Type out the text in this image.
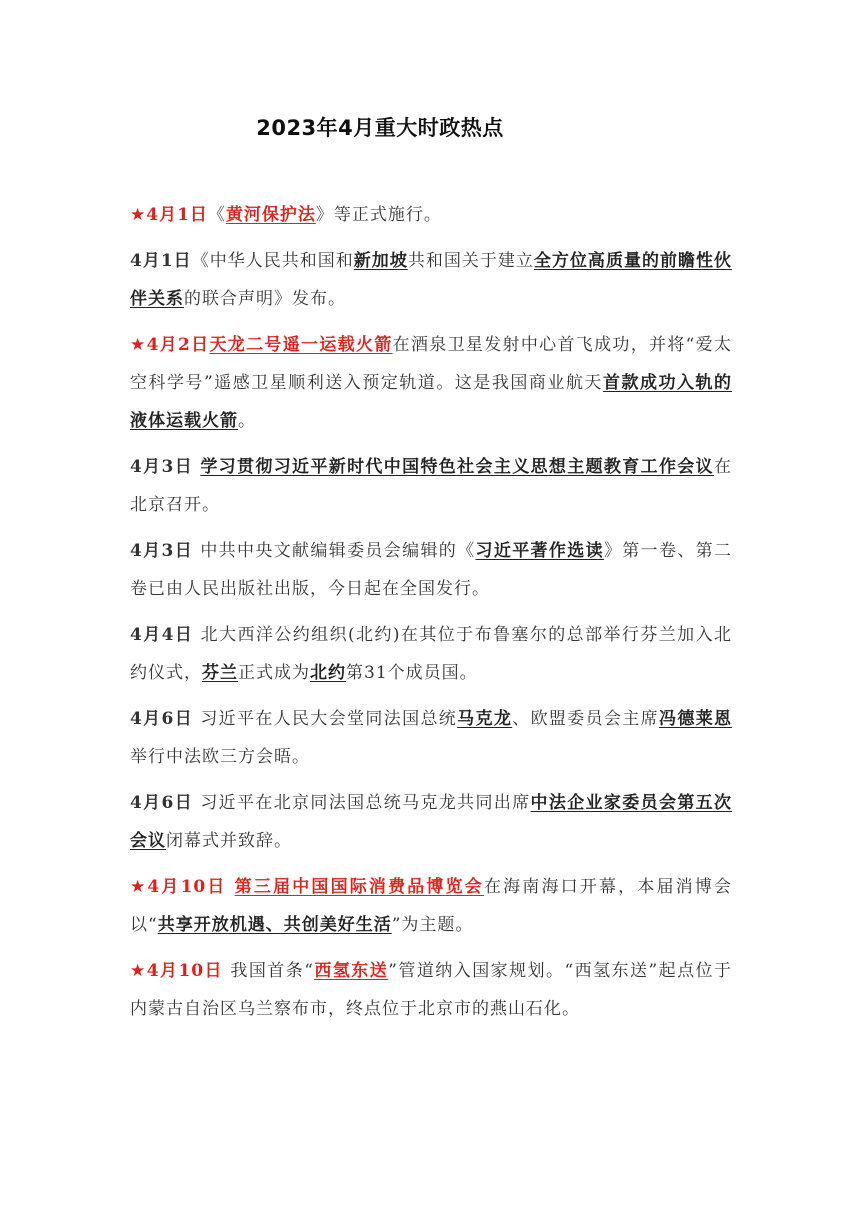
2023年4月重大时政热点

★4月1日《黄河保护法》等正式施行。

4月1日《中华人民共和国和新加坡共和国关于建立全方位高质量的前瞻性伙伴关系的联合声明》发布。

★4月2日天龙二号遥一运载火箭在酒泉卫星发射中心首飞成功，并将“爱太空科学号”遥感卫星顺利送入预定轨道。这是我国商业航天首款成功入轨的液体运载火箭。

4月3日 学习贯彻习近平新时代中国特色社会主义思想主题教育工作会议在北京召开。

4月3日 中共中央文献编辑委员会编辑的《习近平著作选读》第一卷、第二卷已由人民出版社出版，今日起在全国发行。

4月4日 北大西洋公约组织(北约)在其位于布鲁塞尔的总部举行芬兰加入北约仪式，芬兰正式成为北约第31个成员国。

4月6日 习近平在人民大会堂同法国总统马克龙、欧盟委员会主席冯德莱恩举行中法欧三方会晤。

4月6日 习近平在北京同法国总统马克龙共同出席中法企业家委员会第五次会议闭幕式并致辞。

★4月10日 第三届中国国际消费品博览会在海南海口开幕，本届消博会以“共享开放机遇、共创美好生活”为主题。

★4月10日 我国首条“西氢东送”管道纳入国家规划。“西氢东送”起点位于内蒙古自治区乌兰察布市，终点位于北京市的燕山石化。
